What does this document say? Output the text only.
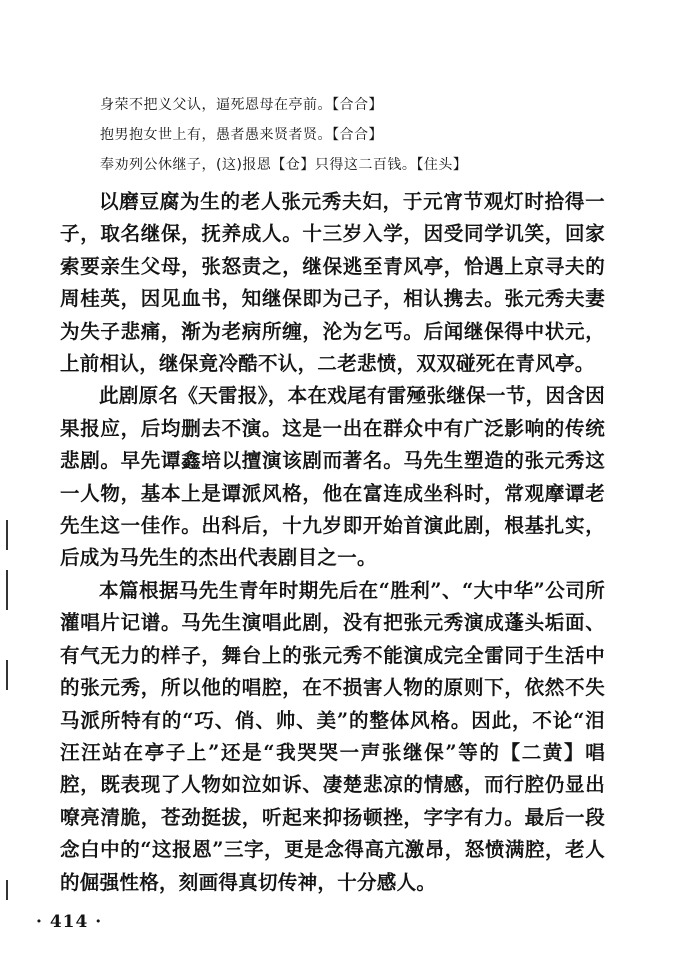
身荣不把义父认，逼死恩母在亭前。【合合】
抱男抱女世上有，愚者愚来贤者贤。【合合】
奉劝列公休继子，(这)报恩【仓】只得这二百钱。【住头】

以磨豆腐为生的老人张元秀夫妇，于元宵节观灯时拾得一子，取名继保，抚养成人。十三岁入学，因受同学讥笑，回家索要亲生父母，张怒责之，继保逃至青风亭，恰遇上京寻夫的周桂英，因见血书，知继保即为己子，相认携去。张元秀夫妻为失子悲痛，渐为老病所缠，沦为乞丐。后闻继保得中状元，上前相认，继保竟冷酷不认，二老悲愤，双双碰死在青风亭。

此剧原名《天雷报》，本在戏尾有雷殛张继保一节，因含因果报应，后均删去不演。这是一出在群众中有广泛影响的传统悲剧。早先谭鑫培以擅演该剧而著名。马先生塑造的张元秀这一人物，基本上是谭派风格，他在富连成坐科时，常观摩谭老先生这一佳作。出科后，十九岁即开始首演此剧，根基扎实，后成为马先生的杰出代表剧目之一。

本篇根据马先生青年时期先后在“胜利”、“大中华”公司所灌唱片记谱。马先生演唱此剧，没有把张元秀演成蓬头垢面、有气无力的样子，舞台上的张元秀不能演成完全雷同于生活中的张元秀，所以他的唱腔，在不损害人物的原则下，依然不失马派所特有的“巧、俏、帅、美”的整体风格。因此，不论“泪汪汪站在亭子上”还是“我哭哭一声张继保”等的【二黄】唱腔，既表现了人物如泣如诉、凄楚悲凉的情感，而行腔仍显出嘹亮清脆，苍劲挺拔，听起来抑扬顿挫，字字有力。最后一段念白中的“这报恩”三字，更是念得高亢激昂，怒愤满腔，老人的倔强性格，刻画得真切传神，十分感人。

· 414 ·
